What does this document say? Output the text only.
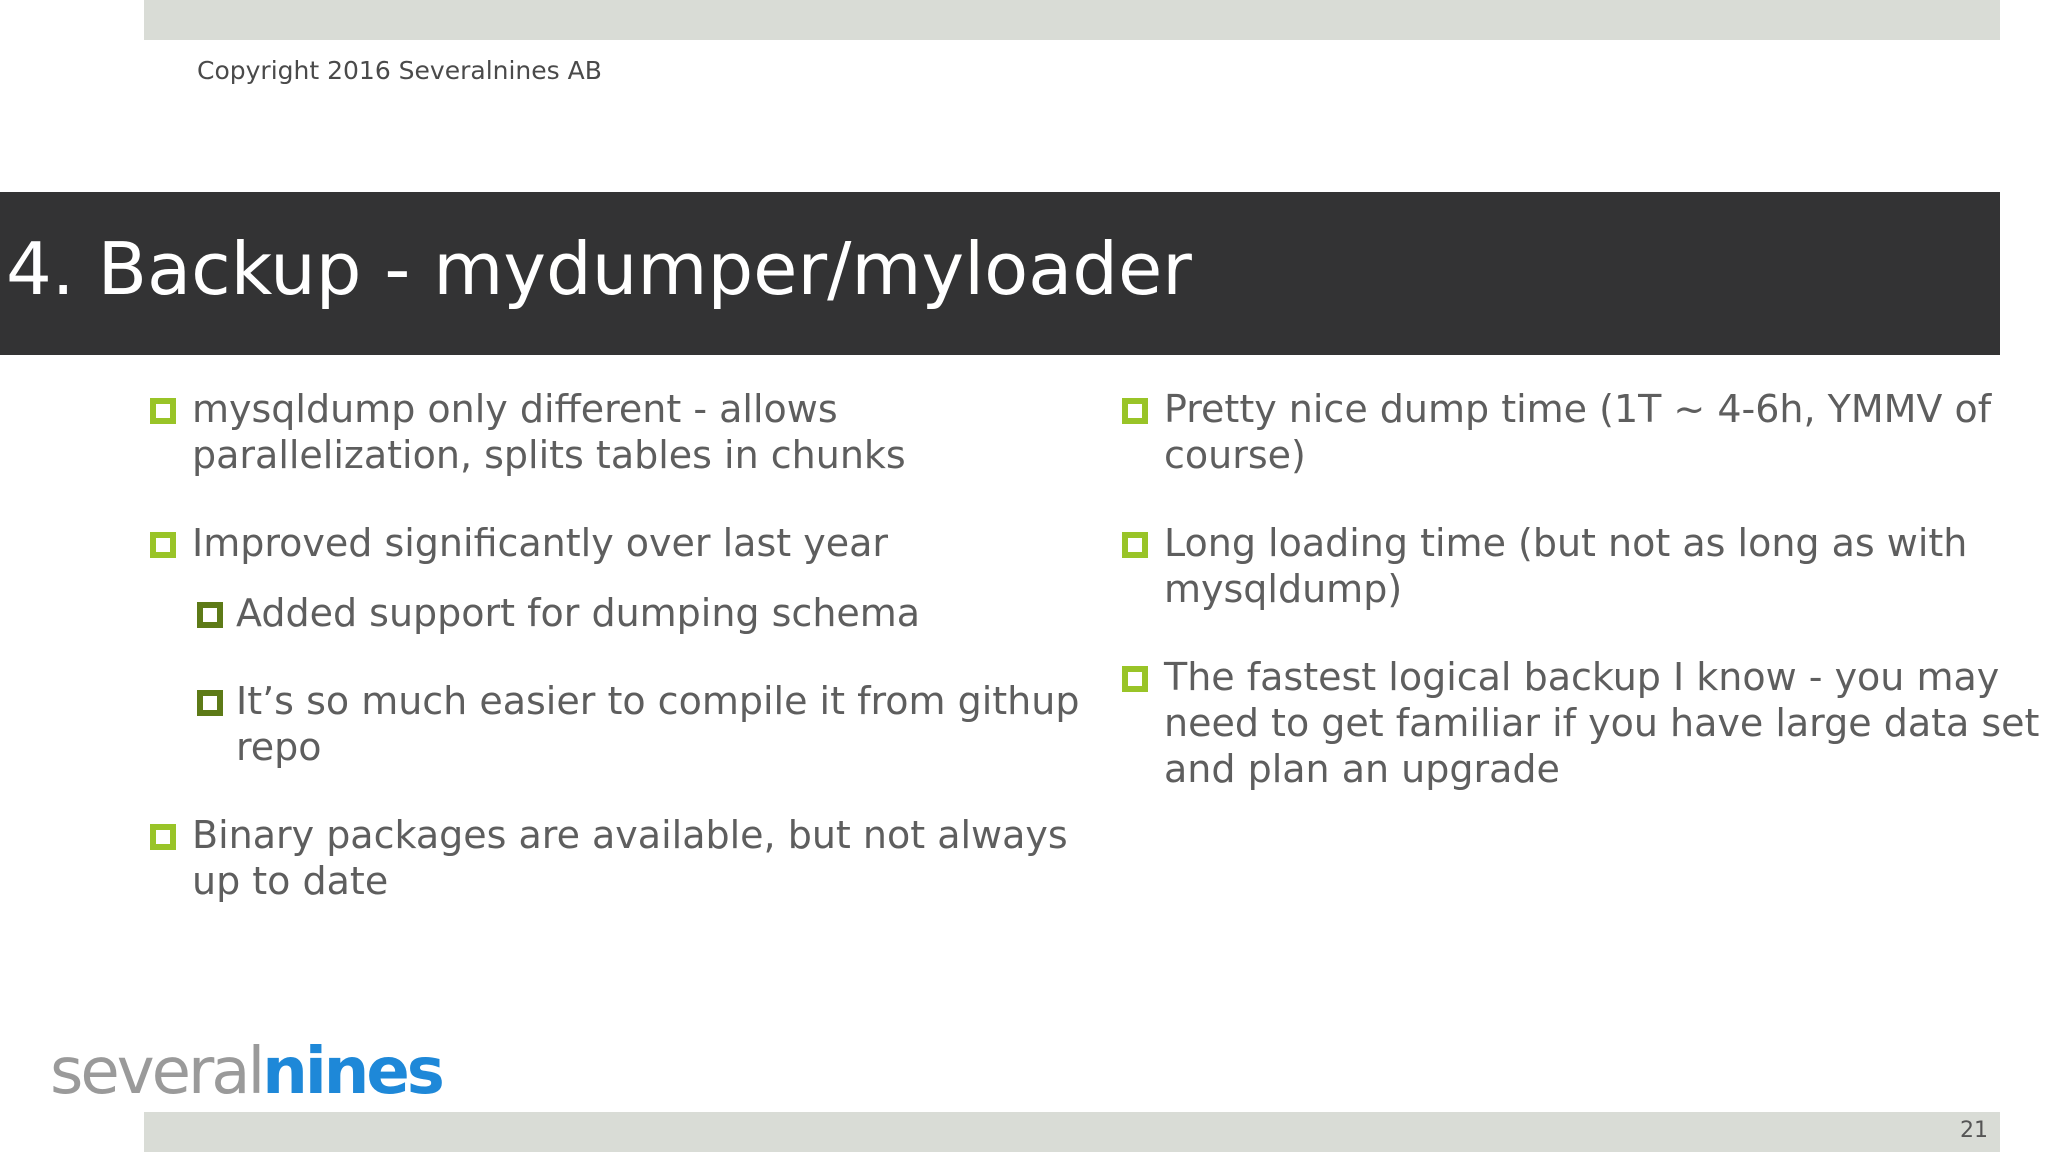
Copyright 2016 Severalnines AB
4. Backup - mydumper/myloader
mysqldump only different - allows parallelization, splits tables in chunks
Improved significantly over last year
Added support for dumping schema
It’s so much easier to compile it from githup repo
Binary packages are available, but not always up to date
Pretty nice dump time (1T ~ 4-6h, YMMV of course)
Long loading time (but not as long as with mysqldump)
The fastest logical backup I know - you may need to get familiar if you have large data set and plan an upgrade
severalnines
21
